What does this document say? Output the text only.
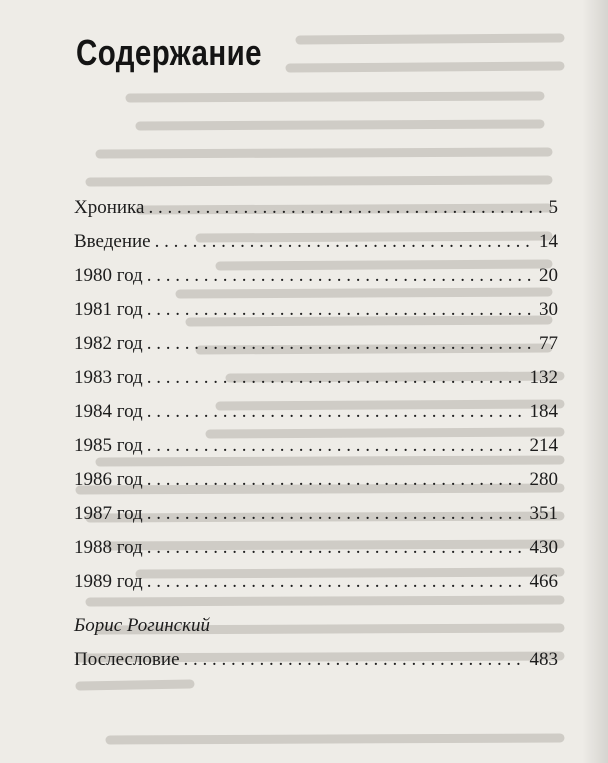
Содержание
Хроника . . .	5
Введение . . .	14
1980 год . . .	20
1981 год . . .	30
1982 год . . .	77
1983 год . . .	132
1984 год . . .	184
1985 год . . .	214
1986 год . . .	280
1987 год . . .	351
1988 год . . .	430
1989 год . . .	466
Борис Рогинский
Послесловие . . .	483
